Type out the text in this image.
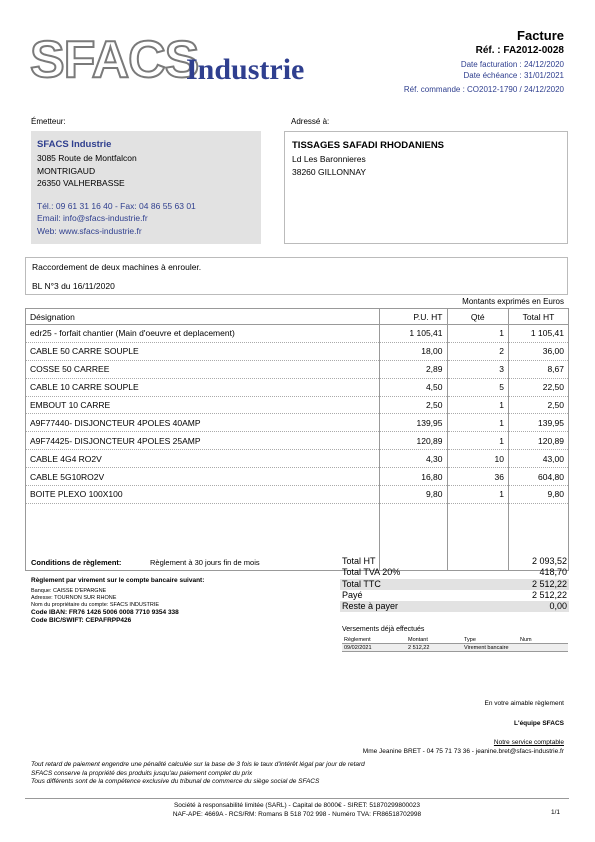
SFACS
Industrie
Facture
Réf. : FA2012-0028
Date facturation : 24/12/2020
Date échéance : 31/01/2021
Réf. commande : CO2012-1790 / 24/12/2020
Émetteur:	Adressé à:
SFACS Industrie
3085 Route de Montfalcon
MONTRIGAUD
26350 VALHERBASSE
Tél.: 09 61 31 16 40 - Fax: 04 86 55 63 01
Email: info@sfacs-industrie.fr
Web: www.sfacs-industrie.fr
TISSAGES SAFADI RHODANIENS
Ld Les Baronnieres
38260 GILLONNAY
Raccordement de deux machines à enrouler.
BL N°3 du 16/11/2020
Montants exprimés en Euros
Désignation	P.U. HT	Qté	Total HT
edr25 - forfait chantier (Main d'oeuvre et deplacement)	1 105,41	1	1 105,41
CABLE 50 CARRE SOUPLE	18,00	2	36,00
COSSE 50 CARREE	2,89	3	8,67
CABLE 10 CARRE SOUPLE	4,50	5	22,50
EMBOUT 10 CARRE	2,50	1	2,50
A9F77440- DISJONCTEUR 4POLES 40AMP	139,95	1	139,95
A9F74425- DISJONCTEUR 4POLES 25AMP	120,89	1	120,89
CABLE 4G4 RO2V	4,30	10	43,00
CABLE 5G10RO2V	16,80	36	604,80
BOITE PLEXO 100X100	9,80	1	9,80

Conditions de règlement:	Règlement à 30 jours fin de mois
Règlement par virement sur le compte bancaire suivant:
Banque: CAISSE D'EPARGNE
Adresse: TOURNON SUR RHONE
Nom du propriétaire du compte: SFACS INDUSTRIE
Code IBAN: FR76 1426 5006 0008 7710 9354 338
Code BIC/SWIFT: CEPAFRPP426
Total HT	2 093,52
Total TVA 20%	418,70
Total TTC	2 512,22
Payé	2 512,22
Reste à payer	0,00
Versements déjà effectués
Règlement	Montant	Type	Num
09/02/2021	2 512,22	Virement bancaire	
En votre aimable règlement
L'équipe SFACS
Notre service comptable
Mme Jeanine BRET - 04 75 71 73 36 - jeanine.bret@sfacs-industrie.fr
Tout retard de paiement engendre une pénalité calculée sur la base de 3 fois le taux d'intérêt légal par jour de retard
SFACS conserve la propriété des produits jusqu'au paiement complet du prix
Tous différents sont de la compétence exclusive du tribunal de commerce du siège social de SFACS
Société à responsabilité limitée (SARL) - Capital de 8000€ - SIRET: 51870299800023
NAF-APE: 4669A - RCS/RM: Romans B 518 702 998 - Numéro TVA: FR86518702998	1/1
